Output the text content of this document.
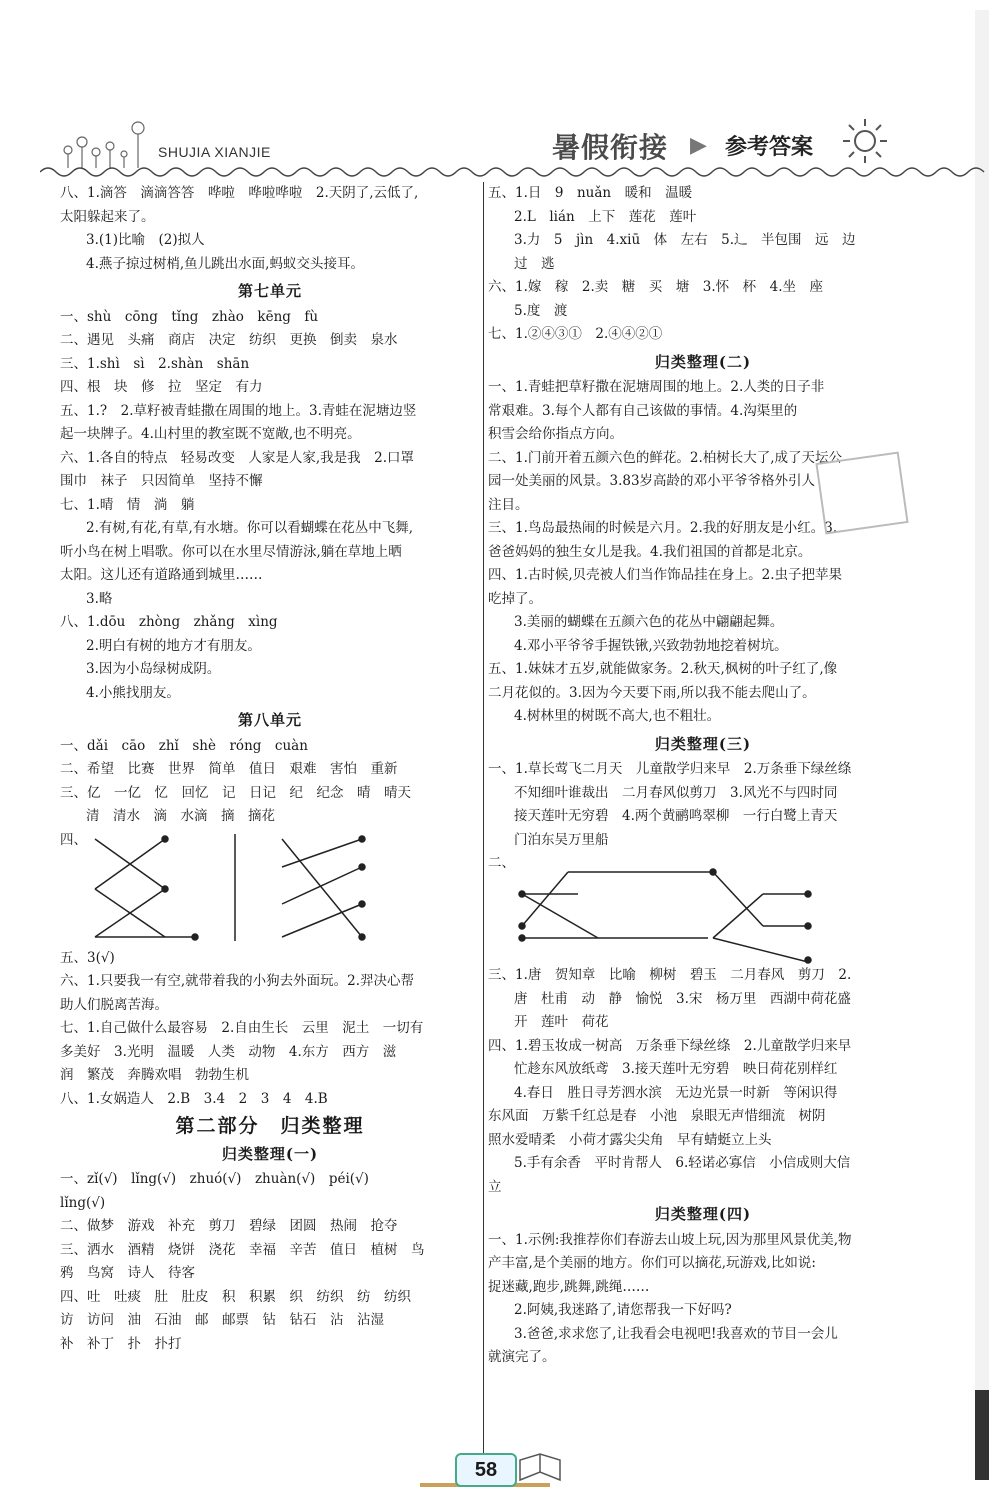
SHUJIA XIANJIE	暑假衔接 ▶ 参考答案
八、1.滴答　滴滴答答　哗啦　哗啦哗啦　2.天阴了,云低了,
太阳躲起来了。
3.(1)比喻　(2)拟人
4.燕子掠过树梢,鱼儿跳出水面,蚂蚁交头接耳。
第七单元
一、shù　cōng　tǐng　zhào　kēng　fù
二、遇见　头痛　商店　决定　纺织　更换　倒卖　泉水
三、1.shì　sì　2.shàn　shān
四、根　块　修　拉　坚定　有力
五、1.?　2.草籽被青蛙撒在周围的地上。3.青蛙在泥塘边竖
起一块牌子。4.山村里的教室既不宽敞,也不明亮。
六、1.各自的特点　轻易改变　人家是人家,我是我　2.口罩
围巾　袜子　只因简单　坚持不懈
七、1.晴　情　淌　躺
2.有树,有花,有草,有水塘。你可以看蝴蝶在花丛中飞舞,
听小鸟在树上唱歌。你可以在水里尽情游泳,躺在草地上晒
太阳。这儿还有道路通到城里……
3.略
八、1.dōu　zhòng　zhǎng　xìng
2.明白有树的地方才有朋友。
3.因为小岛绿树成阴。
4.小熊找朋友。
第八单元
一、dǎi　cāo　zhǐ　shè　róng　cuàn
二、希望　比赛　世界　简单　值日　艰难　害怕　重新
三、亿　一亿　忆　回忆　记　日记　纪　纪念　晴　晴天
清　清水　滴　水滴　摘　摘花
四、
五、3(√)
六、1.只要我一有空,就带着我的小狗去外面玩。2.羿决心帮
助人们脱离苦海。
七、1.自己做什么最容易　2.自由生长　云里　泥土　一切有
多美好　3.光明　温暖　人类　动物　4.东方　西方　滋
润　繁茂　奔腾欢唱　勃勃生机
八、1.女娲造人　2.B　3.4　2　3　4　4.B
第二部分　归类整理
归类整理(一)
一、zǐ(√)　lǐng(√)　zhuó(√)　zhuàn(√)　péi(√)
lǐng(√)
二、做梦　游戏　补充　剪刀　碧绿　团圆　热闹　抢夺
三、洒水　酒精　烧饼　浇花　幸福　辛苦　值日　植树　鸟
鸦　鸟窝　诗人　待客
四、吐　吐痰　肚　肚皮　积　积累　织　纺织　纺　纺织
访　访问　油　石油　邮　邮票　钻　钻石　沾　沾湿
补　补丁　扑　扑打
五、1.日　9　nuǎn　暖和　温暖
2.L　lián　上下　莲花　莲叶
3.力　5　jìn　4.xiū　体　左右　5.辶　半包围　远　边
过　逃
六、1.嫁　稼　2.卖　糖　买　塘　3.怀　杯　4.坐　座
5.度　渡
七、1.②④③①　2.④④②①
归类整理(二)
一、1.青蛙把草籽撒在泥塘周围的地上。2.人类的日子非
常艰难。3.每个人都有自己该做的事情。4.沟渠里的
积雪会给你指点方向。
二、1.门前开着五颜六色的鲜花。2.柏树长大了,成了天坛公
园一处美丽的风景。3.83岁高龄的邓小平爷爷格外引人
注目。
三、1.鸟岛最热闹的时候是六月。2.我的好朋友是小红。3.
爸爸妈妈的独生女儿是我。4.我们祖国的首都是北京。
四、1.古时候,贝壳被人们当作饰品挂在身上。2.虫子把苹果
吃掉了。
3.美丽的蝴蝶在五颜六色的花丛中翩翩起舞。
4.邓小平爷爷手握铁锹,兴致勃勃地挖着树坑。
五、1.妹妹才五岁,就能做家务。2.秋天,枫树的叶子红了,像
二月花似的。3.因为今天要下雨,所以我不能去爬山了。
4.树林里的树既不高大,也不粗壮。
归类整理(三)
一、1.草长莺飞二月天　儿童散学归来早　2.万条垂下绿丝绦
不知细叶谁裁出　二月春风似剪刀　3.风光不与四时同
接天莲叶无穷碧　4.两个黄鹂鸣翠柳　一行白鹭上青天
门泊东吴万里船
二、
三、1.唐　贺知章　比喻　柳树　碧玉　二月春风　剪刀　2.
唐　杜甫　动　静　愉悦　3.宋　杨万里　西湖中荷花盛
开　莲叶　荷花
四、1.碧玉妆成一树高　万条垂下绿丝绦　2.儿童散学归来早
忙趁东风放纸鸢　3.接天莲叶无穷碧　映日荷花别样红
4.春日　胜日寻芳泗水滨　无边光景一时新　等闲识得
东风面　万紫千红总是春　小池　泉眼无声惜细流　树阴
照水爱晴柔　小荷才露尖尖角　早有蜻蜓立上头
5.手有余香　平时肯帮人　6.轻诺必寡信　小信成则大信
立
归类整理(四)
一、1.示例:我推荐你们春游去山坡上玩,因为那里风景优美,物
产丰富,是个美丽的地方。你们可以摘花,玩游戏,比如说:
捉迷藏,跑步,跳舞,跳绳……
2.阿姨,我迷路了,请您帮我一下好吗?
3.爸爸,求求您了,让我看会电视吧!我喜欢的节目一会儿
就演完了。
58
